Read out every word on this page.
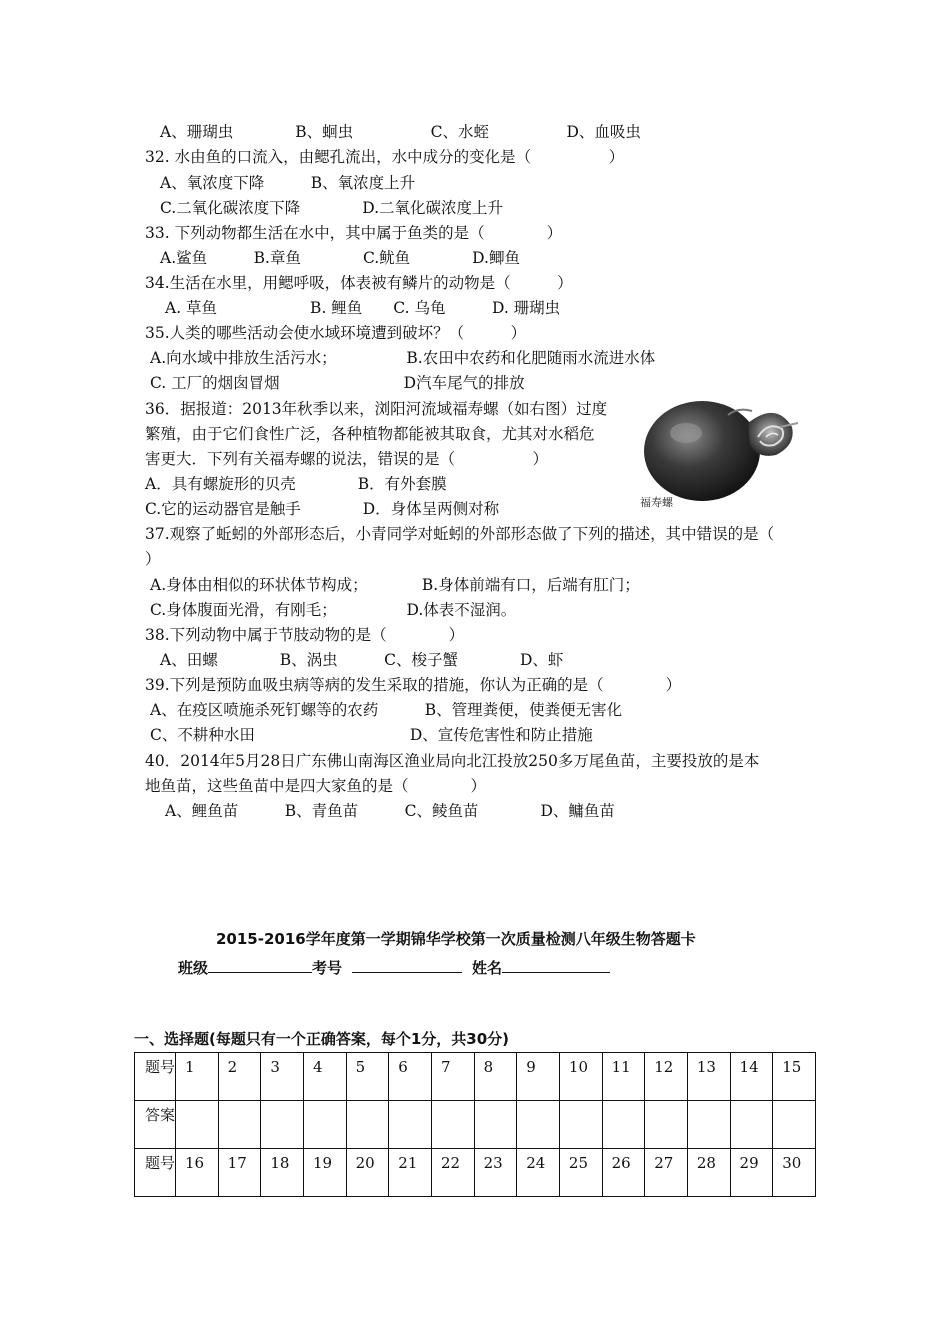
A、珊瑚虫　　　　B、蛔虫　　　　　C、水蛭　　　　　D、血吸虫
32. 水由鱼的口流入，由鳃孔流出，水中成分的变化是（　　　　　）
A、氧浓度下降　　　B、氧浓度上升
C.二氧化碳浓度下降　　　　D.二氧化碳浓度上升
33. 下列动物都生活在水中，其中属于鱼类的是（　　　　）
A.鲨鱼　　　B.章鱼　　　　C.鱿鱼　　　　D.鲫鱼
34.生活在水里，用鳃呼吸，体表被有鳞片的动物是（　　　）
A. 草鱼　　　　　　B. 鲤鱼　　C. 乌龟　　　D. 珊瑚虫
35.人类的哪些活动会使水域环境遭到破坏？（　　　）
A.向水域中排放生活污水；　　　　　B.农田中农药和化肥随雨水流进水体
C. 工厂的烟囱冒烟　　　　　　　　D汽车尾气的排放
36．据报道：2013年秋季以来，浏阳河流域福寿螺（如右图）过度
繁殖，由于它们食性广泛，各种植物都能被其取食，尤其对水稻危
害更大．下列有关福寿螺的说法，错误的是（　　　　　）
A．具有螺旋形的贝壳　　　　B．有外套膜
C.它的运动器官是触手　　　　D．身体呈两侧对称
37.观察了蚯蚓的外部形态后，小青同学对蚯蚓的外部形态做了下列的描述，其中错误的是（
）
A.身体由相似的环状体节构成；　　　　B.身体前端有口，后端有肛门；
C.身体腹面光滑，有刚毛；　　　　　D.体表不湿润。
38.下列动物中属于节肢动物的是（　　　　）
A、田螺　　　　B、涡虫　　　C、梭子蟹　　　　D、虾
39.下列是预防血吸虫病等病的发生采取的措施，你认为正确的是（　　　　）
A、在疫区喷施杀死钉螺等的农药　　　B、管理粪便，使粪便无害化
C、不耕种水田　　　　　　　　　　D、宣传危害性和防止措施
40．2014年5月28日广东佛山南海区渔业局向北江投放250多万尾鱼苗，主要投放的是本
地鱼苗，这些鱼苗中是四大家鱼的是（　　　　）
A、鲤鱼苗　　　B、青鱼苗　　　C、鲮鱼苗　　　　D、鳙鱼苗
福寿螺
2015-2016学年度第一学期锦华学校第一次质量检测八年级生物答题卡
班级	考号	姓名
一、选择题(每题只有一个正确答案，每个1分，共30分)
题号	1	2	3	4	5	6	7	8	9	10	11	12	13	14	15
答案															
题号	16	17	18	19	20	21	22	23	24	25	26	27	28	29	30
